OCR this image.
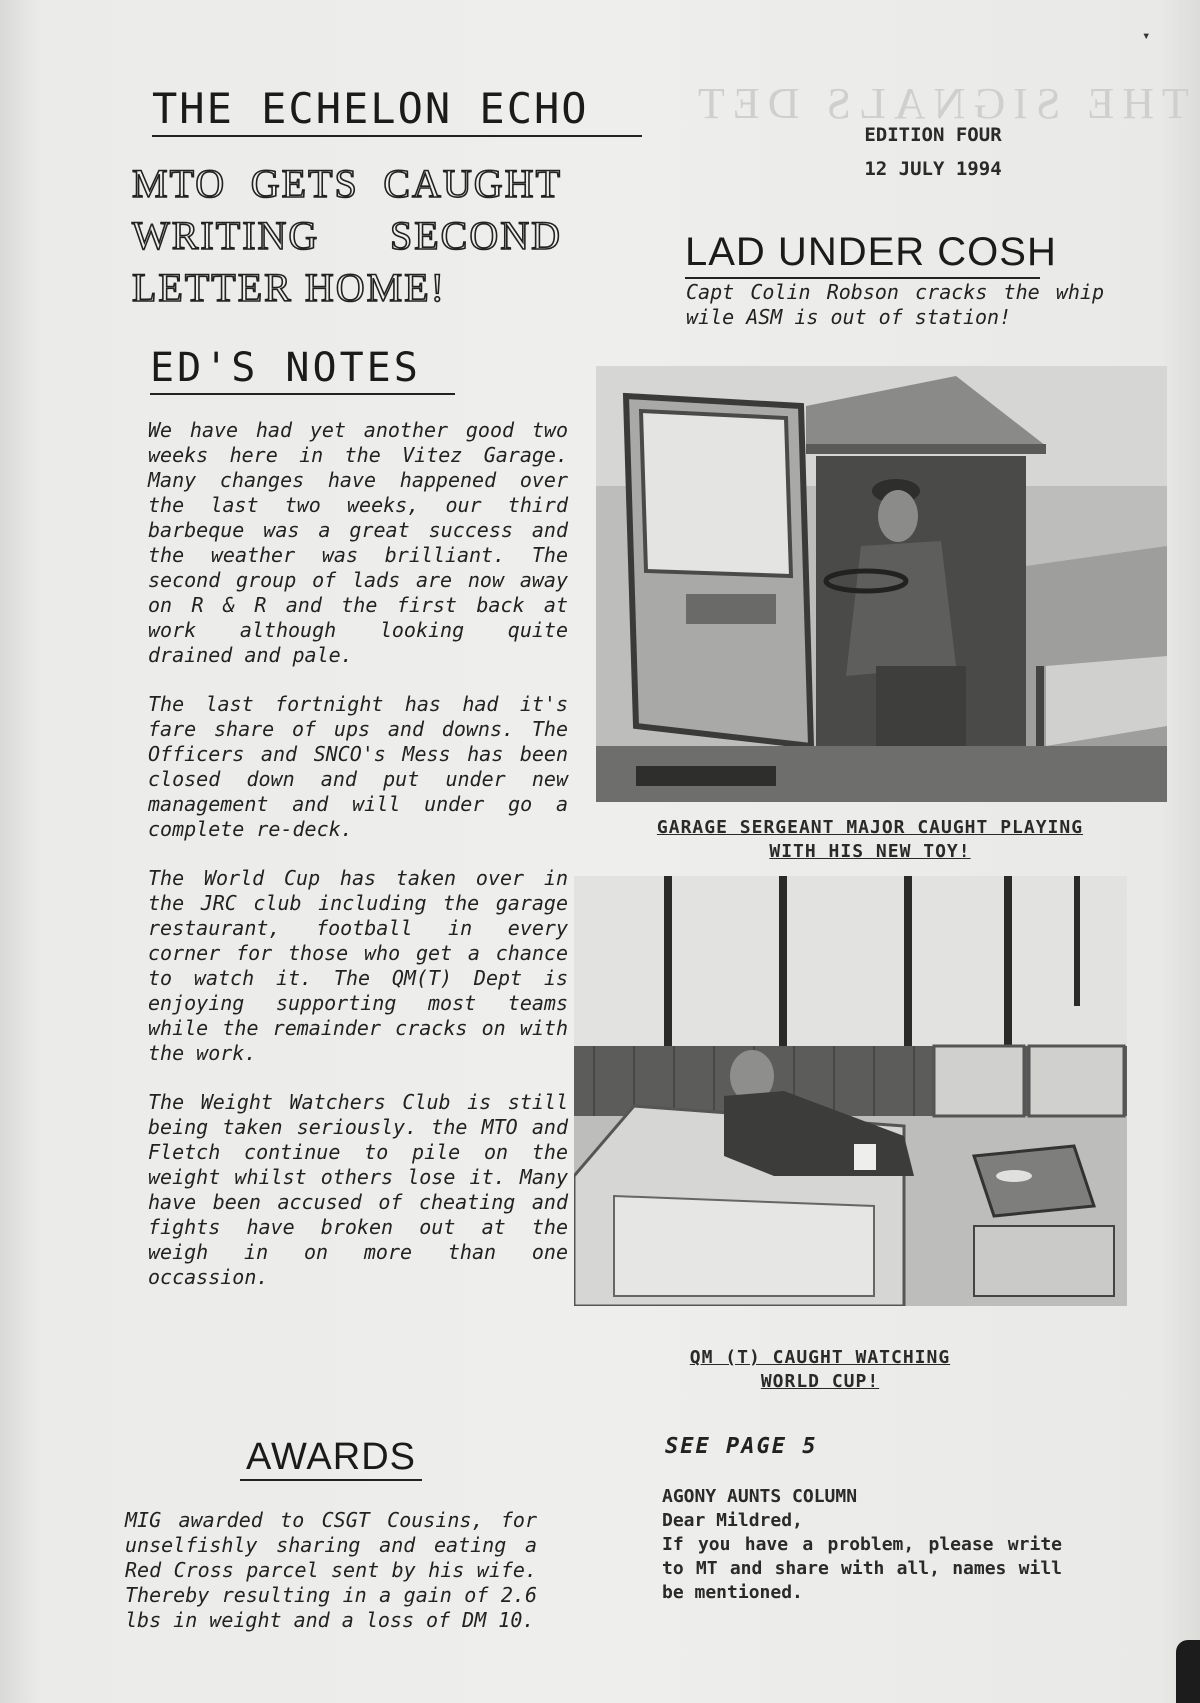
THE SIGNALS DET
▾
THE ECHELON ECHO
EDITION FOUR
12 JULY 1994
MTO GETS CAUGHT WRITING SECOND LETTER HOME!
ED'S NOTES

We have had yet another good two weeks here in the Vitez Garage. Many changes have happened over the last two weeks, our third barbeque was a great success and the weather was brilliant. The second group of lads are now away on R & R and the first back at work although looking quite drained and pale.

The last fortnight has had it's fare share of ups and downs. The Officers and SNCO's Mess has been closed down and put under new management and will under go a complete re-deck.

The World Cup has taken over in the JRC club including the garage restaurant, football in every corner for those who get a chance to watch it. The QM(T) Dept is enjoying supporting most teams while the remainder cracks on with the work.

The Weight Watchers Club is still being taken seriously. the MTO and Fletch continue to pile on the weight whilst others lose it. Many have been accused of cheating and fights have broken out at the weigh in on more than one occassion.

AWARDS
MIG awarded to CSGT Cousins, for unselfishly sharing and eating a Red Cross parcel sent by his wife. Thereby resulting in a gain of 2.6 lbs in weight and a loss of DM 10.
LAD UNDER COSH
Capt Colin Robson cracks the whip wile ASM is out of station!
GARAGE SERGEANT MAJOR CAUGHT PLAYING WITH HIS NEW TOY!
QM (T) CAUGHT WATCHING
WORLD CUP!
SEE PAGE 5
AGONY AUNTS COLUMN
Dear Mildred,
If you have a problem, please write to MT and share with all, names will be mentioned.
